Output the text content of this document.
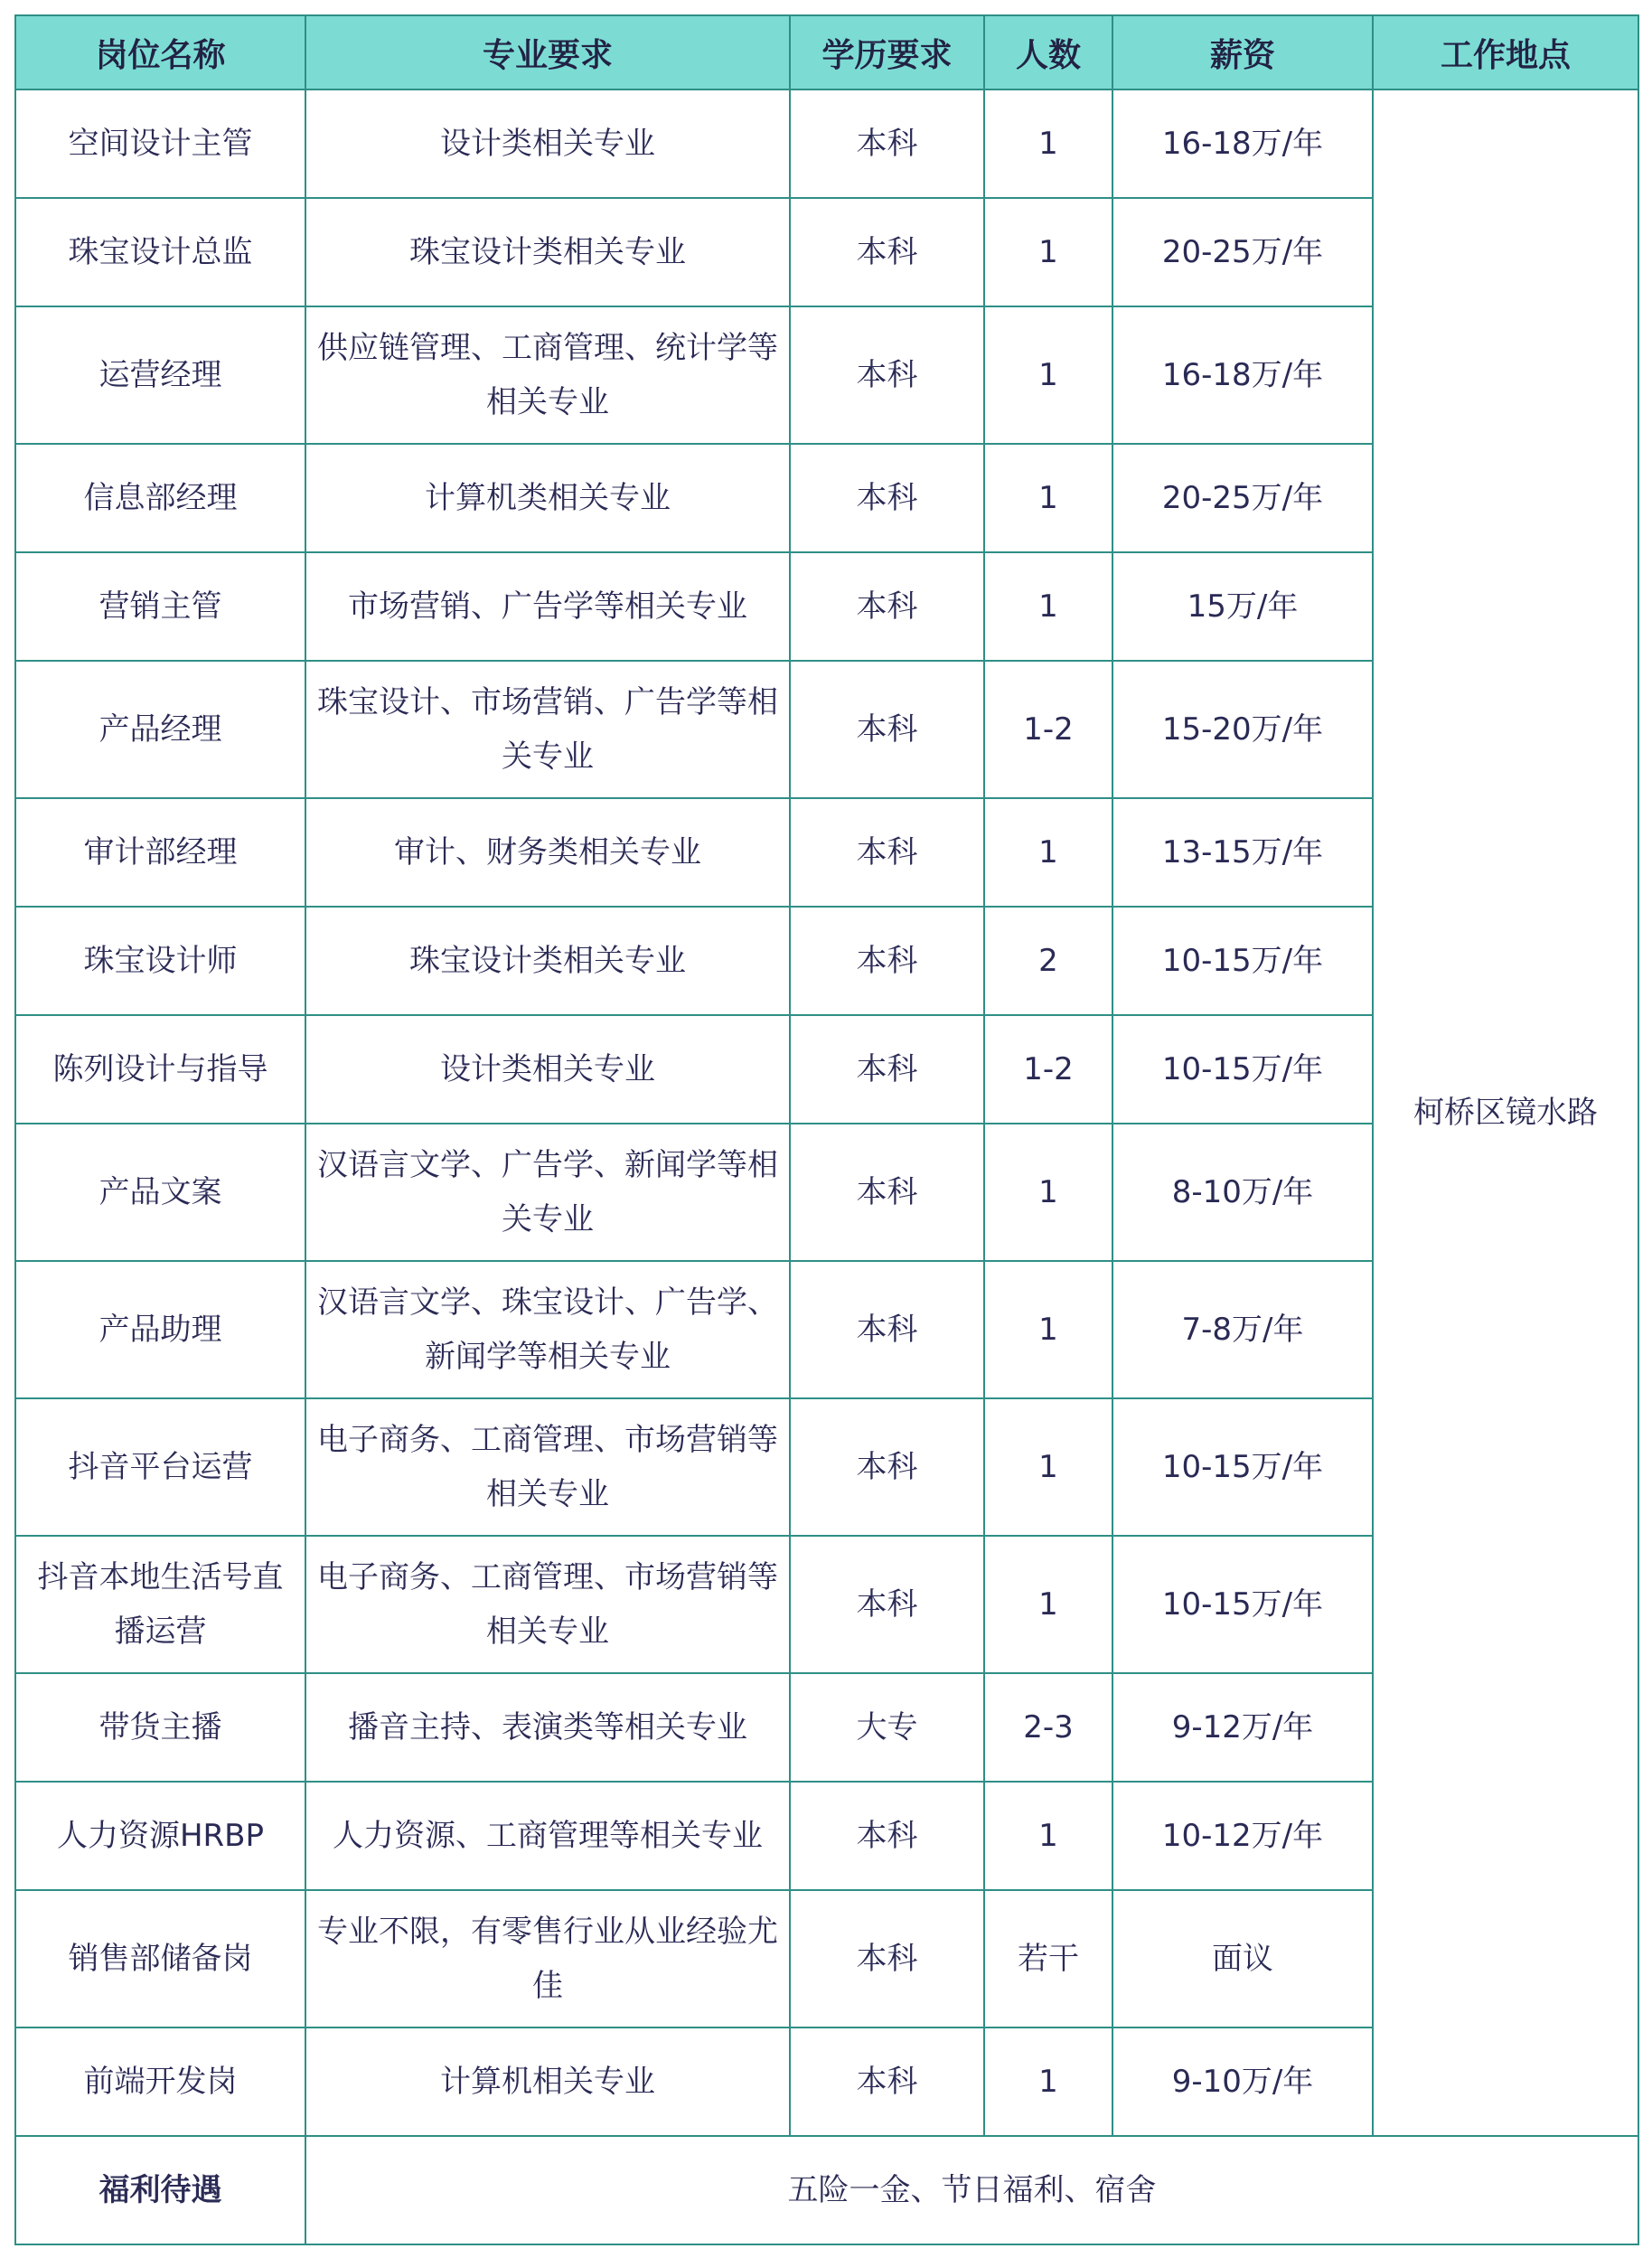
岗位名称	专业要求	学历要求	人数	薪资	工作地点
空间设计主管	设计类相关专业	本科	1	16-18万/年	柯桥区镜水路
珠宝设计总监	珠宝设计类相关专业	本科	1	20-25万/年	
运营经理	供应链管理、工商管理、统计学等相关专业	本科	1	16-18万/年	
信息部经理	计算机类相关专业	本科	1	20-25万/年	
营销主管	市场营销、广告学等相关专业	本科	1	15万/年	
产品经理	珠宝设计、市场营销、广告学等相关专业	本科	1-2	15-20万/年	
审计部经理	审计、财务类相关专业	本科	1	13-15万/年	
珠宝设计师	珠宝设计类相关专业	本科	2	10-15万/年	
陈列设计与指导	设计类相关专业	本科	1-2	10-15万/年	
产品文案	汉语言文学、广告学、新闻学等相关专业	本科	1	8-10万/年	
产品助理	汉语言文学、珠宝设计、广告学、新闻学等相关专业	本科	1	7-8万/年	
抖音平台运营	电子商务、工商管理、市场营销等相关专业	本科	1	10-15万/年	
抖音本地生活号直播运营	电子商务、工商管理、市场营销等相关专业	本科	1	10-15万/年	
带货主播	播音主持、表演类等相关专业	大专	2-3	9-12万/年	
人力资源HRBP	人力资源、工商管理等相关专业	本科	1	10-12万/年	
销售部储备岗	专业不限，有零售行业从业经验尤佳	本科	若干	面议	
前端开发岗	计算机相关专业	本科	1	9-10万/年	
福利待遇	五险一金、节日福利、宿舍				
